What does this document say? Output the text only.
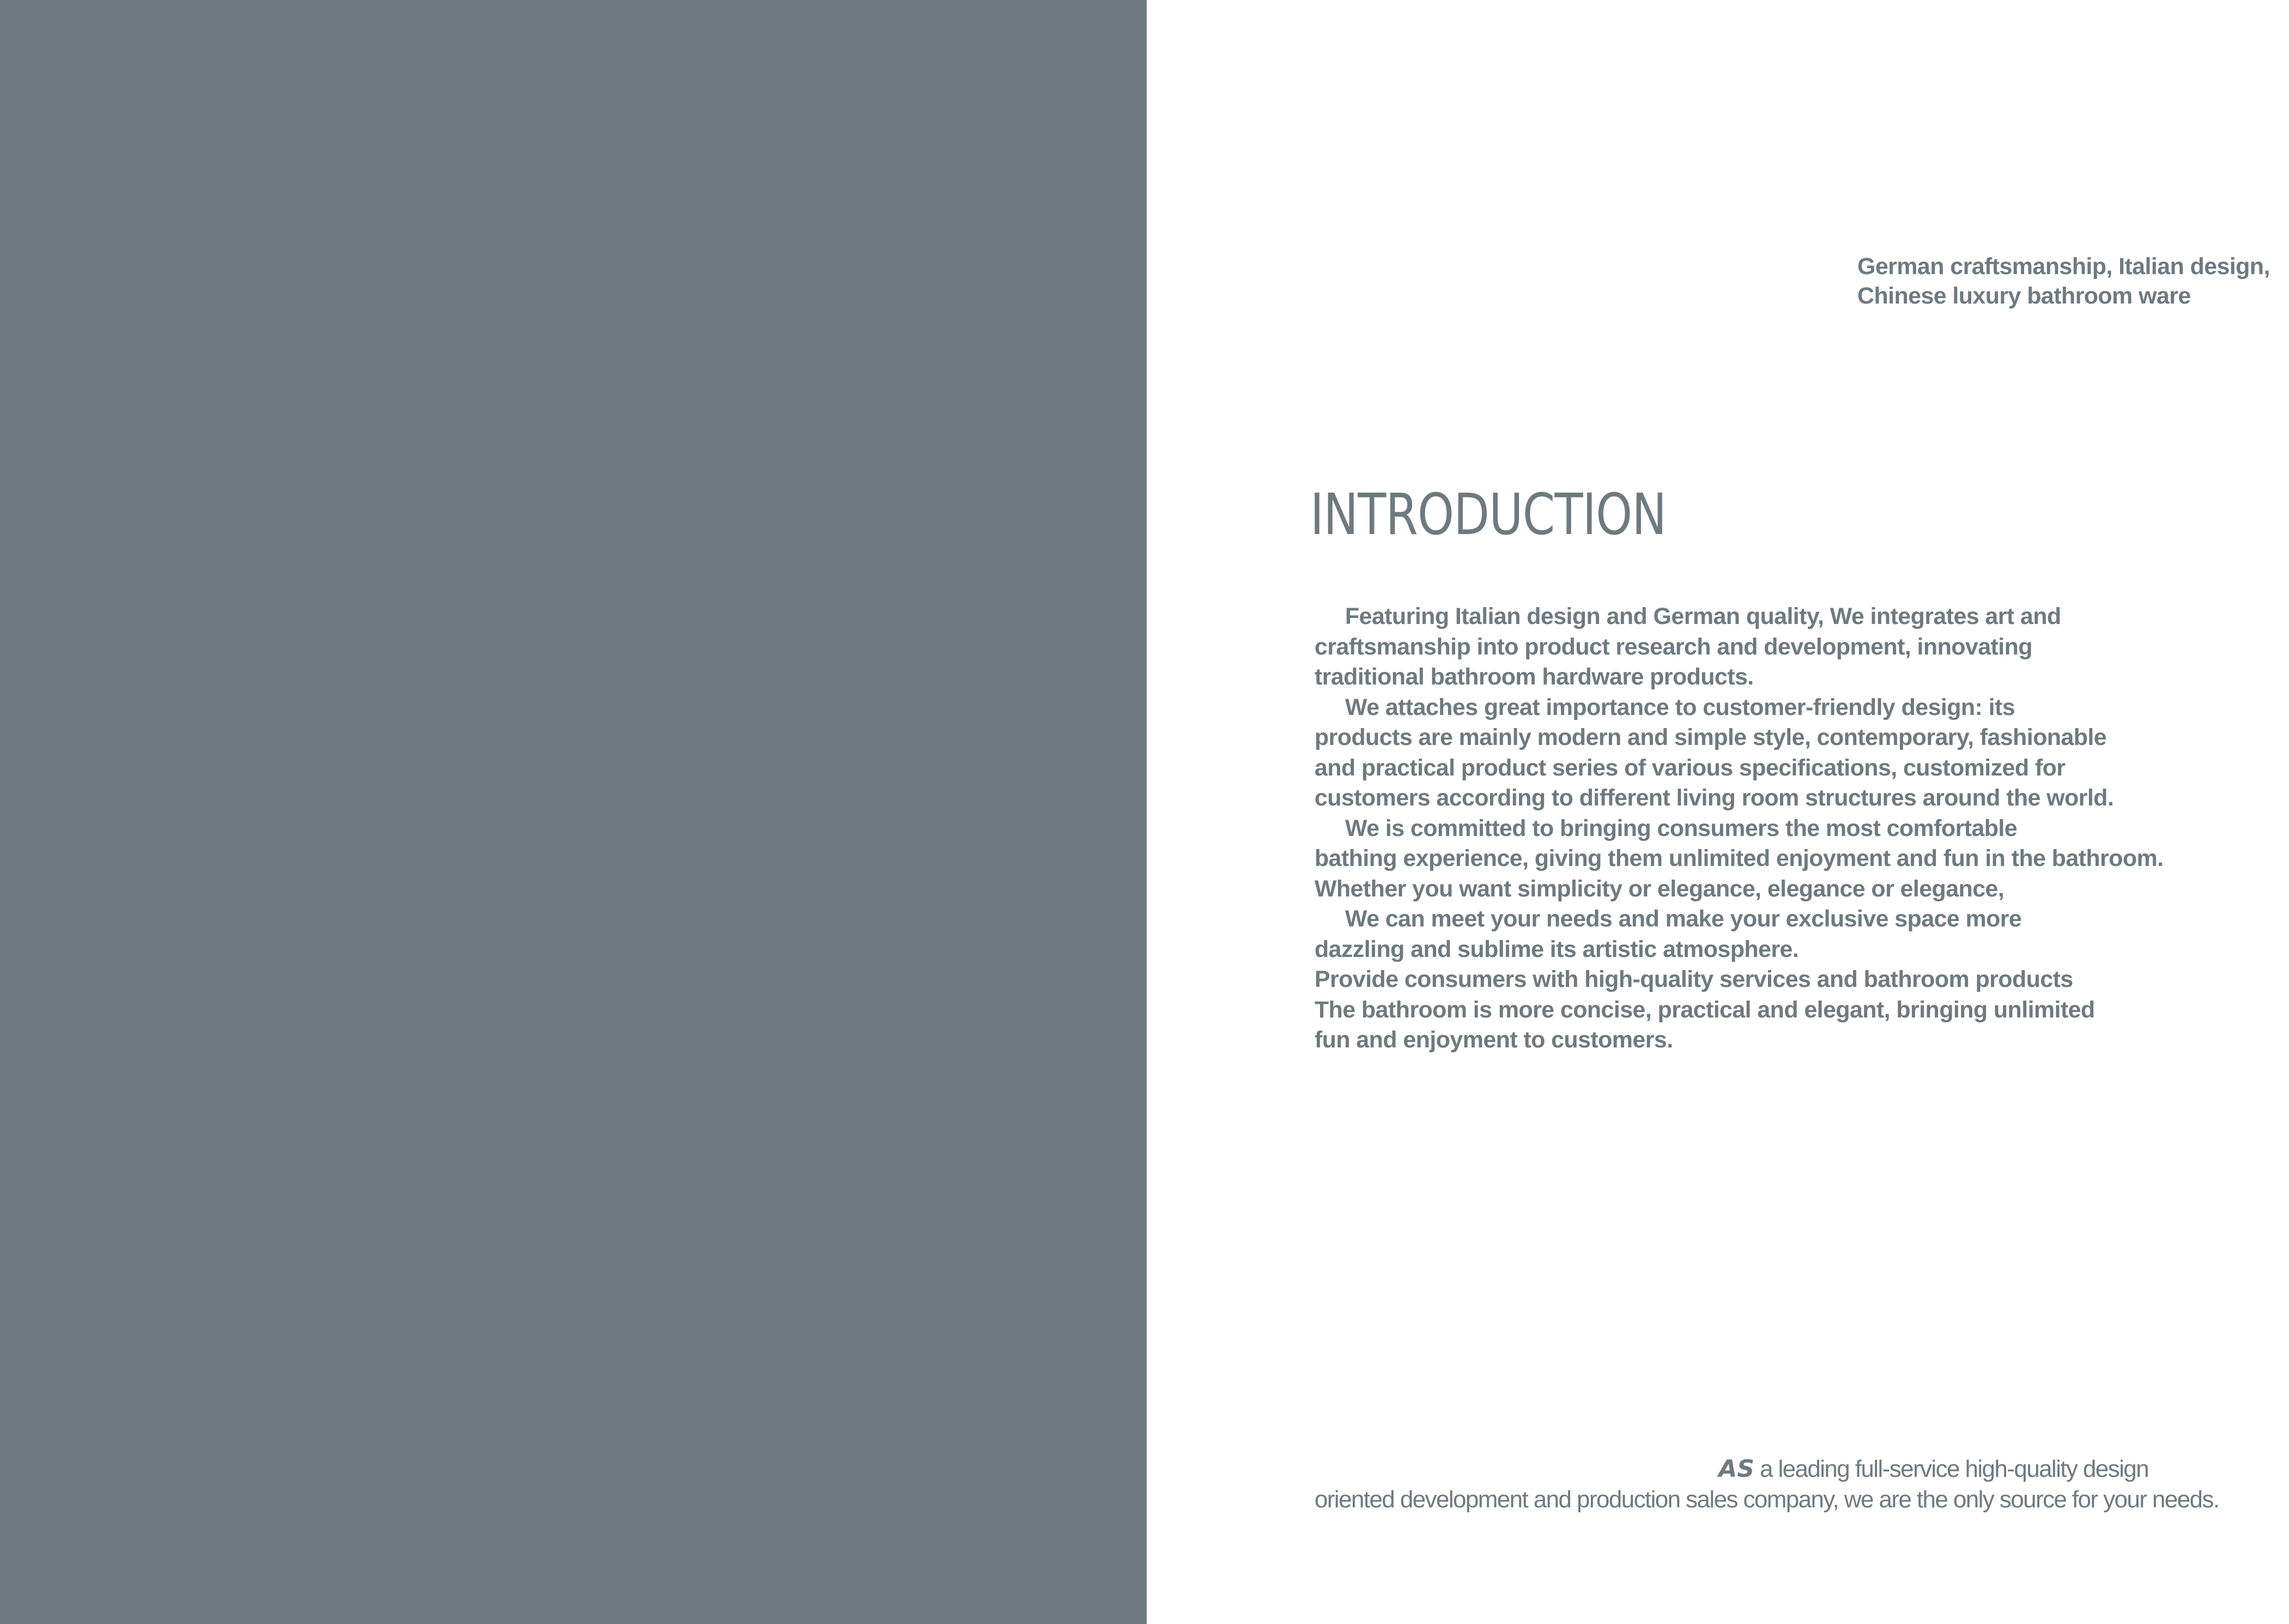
German craftsmanship, Italian design,
Chinese luxury bathroom ware
INTRODUCTION
Featuring Italian design and German quality, We integrates art and
craftsmanship into product research and development, innovating
traditional bathroom hardware products.
We attaches great importance to customer-friendly design: its
products are mainly modern and simple style, contemporary, fashionable
and practical product series of various specifications, customized for
customers according to different living room structures around the world.
We is committed to bringing consumers the most comfortable
bathing experience, giving them unlimited enjoyment and fun in the bathroom.
Whether you want simplicity or elegance, elegance or elegance,
We can meet your needs and make your exclusive space more
dazzling and sublime its artistic atmosphere.
Provide consumers with high-quality services and bathroom products
The bathroom is more concise, practical and elegant, bringing unlimited
fun and enjoyment to customers.
AS a leading full-service high-quality design
oriented development and production sales company, we are the only source for your needs.
